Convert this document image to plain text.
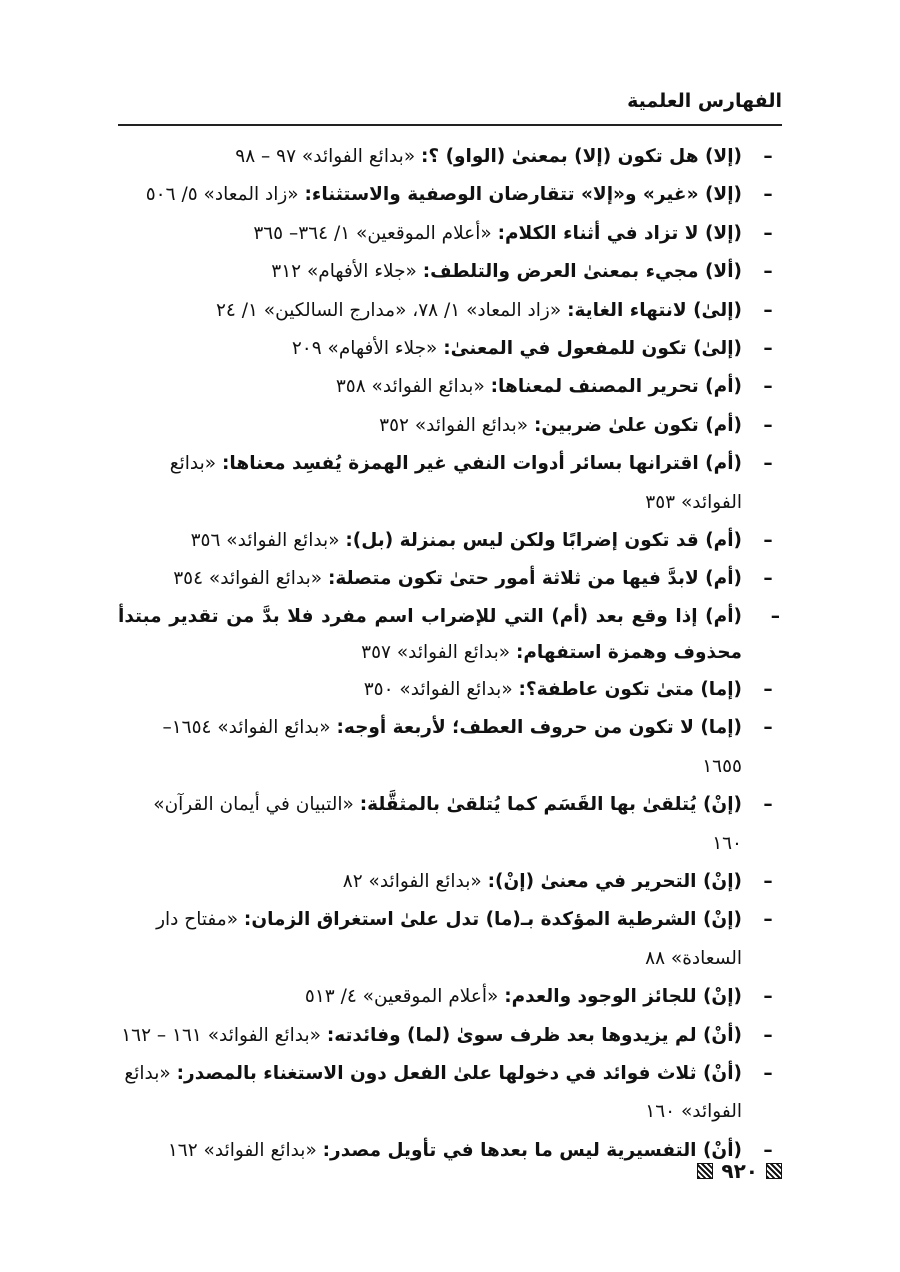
الفهارس العلمية
–
(إلا) هل تكون (إلا) بمعنىٰ (الواو) ؟: «بدائع الفوائد» ٩٧ – ٩٨
–
(إلا) «غير» و«إلا» تتقارضان الوصفية والاستثناء: «زاد المعاد» ٥/ ٥٠٦
–
(إلا) لا تزاد في أثناء الكلام: «أعلام الموقعين» ١/ ٣٦٤– ٣٦٥
–
(ألا) مجيء بمعنىٰ العرض والتلطف: «جلاء الأفهام» ٣١٢
–
(إلىٰ) لانتهاء الغاية: «زاد المعاد» ١/ ٧٨، «مدارج السالكين» ١/ ٢٤
–
(إلىٰ) تكون للمفعول في المعنىٰ: «جلاء الأفهام» ٢٠٩
–
(أم) تحرير المصنف لمعناها: «بدائع الفوائد» ٣٥٨
–
(أم) تكون علىٰ ضربين: «بدائع الفوائد» ٣٥٢
–
(أم) اقترانها بسائر أدوات النفي غير الهمزة يُفسِد معناها: «بدائع الفوائد» ٣٥٣
–
(أم) قد تكون إضرابًا ولكن ليس بمنزلة (بل): «بدائع الفوائد» ٣٥٦
–
(أم) لابدَّ فيها من ثلاثة أمور حتىٰ تكون متصلة: «بدائع الفوائد» ٣٥٤
–
(أم) إذا وقع بعد (أم) التي للإضراب اسم مفرد فلا بدَّ من تقدير مبتدأ محذوف وهمزة استفهام: «بدائع الفوائد» ٣٥٧
–
(إما) متىٰ تكون عاطفة؟: «بدائع الفوائد» ٣٥٠
–
(إما) لا تكون من حروف العطف؛ لأربعة أوجه: «بدائع الفوائد» ١٦٥٤– ١٦٥٥
–
(إنْ) يُتلقىٰ بها القَسَم كما يُتلقىٰ بالمثقَّلة: «التبيان في أيمان القرآن» ١٦٠
–
(إنْ) التحرير في معنىٰ (إنْ): «بدائع الفوائد» ٨٢
–
(إنْ) الشرطية المؤكدة بـ(ما) تدل علىٰ استغراق الزمان: «مفتاح دار السعادة» ٨٨
–
(إنْ) للجائز الوجود والعدم: «أعلام الموقعين» ٤/ ٥١٣
–
(أنْ) لم يزيدوها بعد ظرف سوىٰ (لما) وفائدته: «بدائع الفوائد» ١٦١ – ١٦٢
–
(أنْ) ثلاث فوائد في دخولها علىٰ الفعل دون الاستغناء بالمصدر: «بدائع الفوائد» ١٦٠
–
(أنْ) التفسيرية ليس ما بعدها في تأويل مصدر: «بدائع الفوائد» ١٦٢
٩٢٠
